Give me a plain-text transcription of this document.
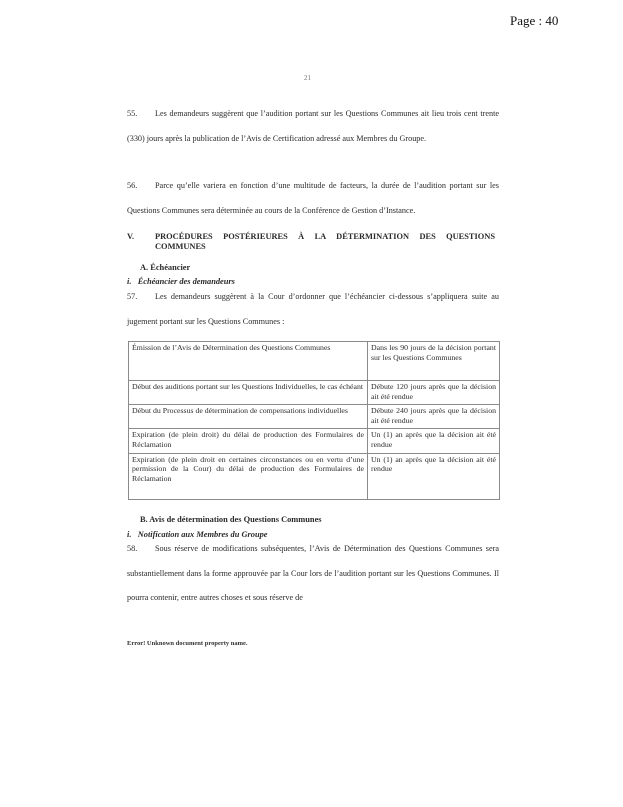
Page : 40
21
55. Les demandeurs suggèrent que l’audition portant sur les Questions Communes ait lieu trois cent trente (330) jours après la publication de l’Avis de Certification adressé aux Membres du Groupe.
56. Parce qu’elle variera en fonction d’une multitude de facteurs, la durée de l’audition portant sur les Questions Communes sera déterminée au cours de la Conférence de Gestion d’Instance.
V. PROCÉDURES POSTÉRIEURES À LA DÉTERMINATION DES QUESTIONS COMMUNES
A. Échéancier
i.   Échéancier des demandeurs
57. Les demandeurs suggèrent à la Cour d’ordonner que l’échéancier ci-dessous s’appliquera suite au jugement portant sur les Questions Communes :
Émission de l’Avis de Détermination des Questions Communes	Dans les 90 jours de la décision portant sur les Questions Communes
Début des auditions portant sur les Questions Individuelles, le cas échéant	Débute 120 jours après que la décision ait été rendue
Début du Processus de détermination de compensations individuelles	Débute 240 jours après que la décision ait été rendue
Expiration (de plein droit) du délai de production des Formulaires de Réclamation	Un (1) an après que la décision ait été rendue
Expiration (de plein droit en certaines circonstances ou en vertu d’une permission de la Cour) du délai de production des Formulaires de Réclamation	Un (1) an après que la décision ait été rendue
B. Avis de détermination des Questions Communes
i.   Notification aux Membres du Groupe
58. Sous réserve de modifications subséquentes, l’Avis de Détermination des Questions Communes sera substantiellement dans la forme approuvée par la Cour lors de l’audition portant sur les Questions Communes. Il pourra contenir, entre autres choses et sous réserve de
Error! Unknown document property name.
